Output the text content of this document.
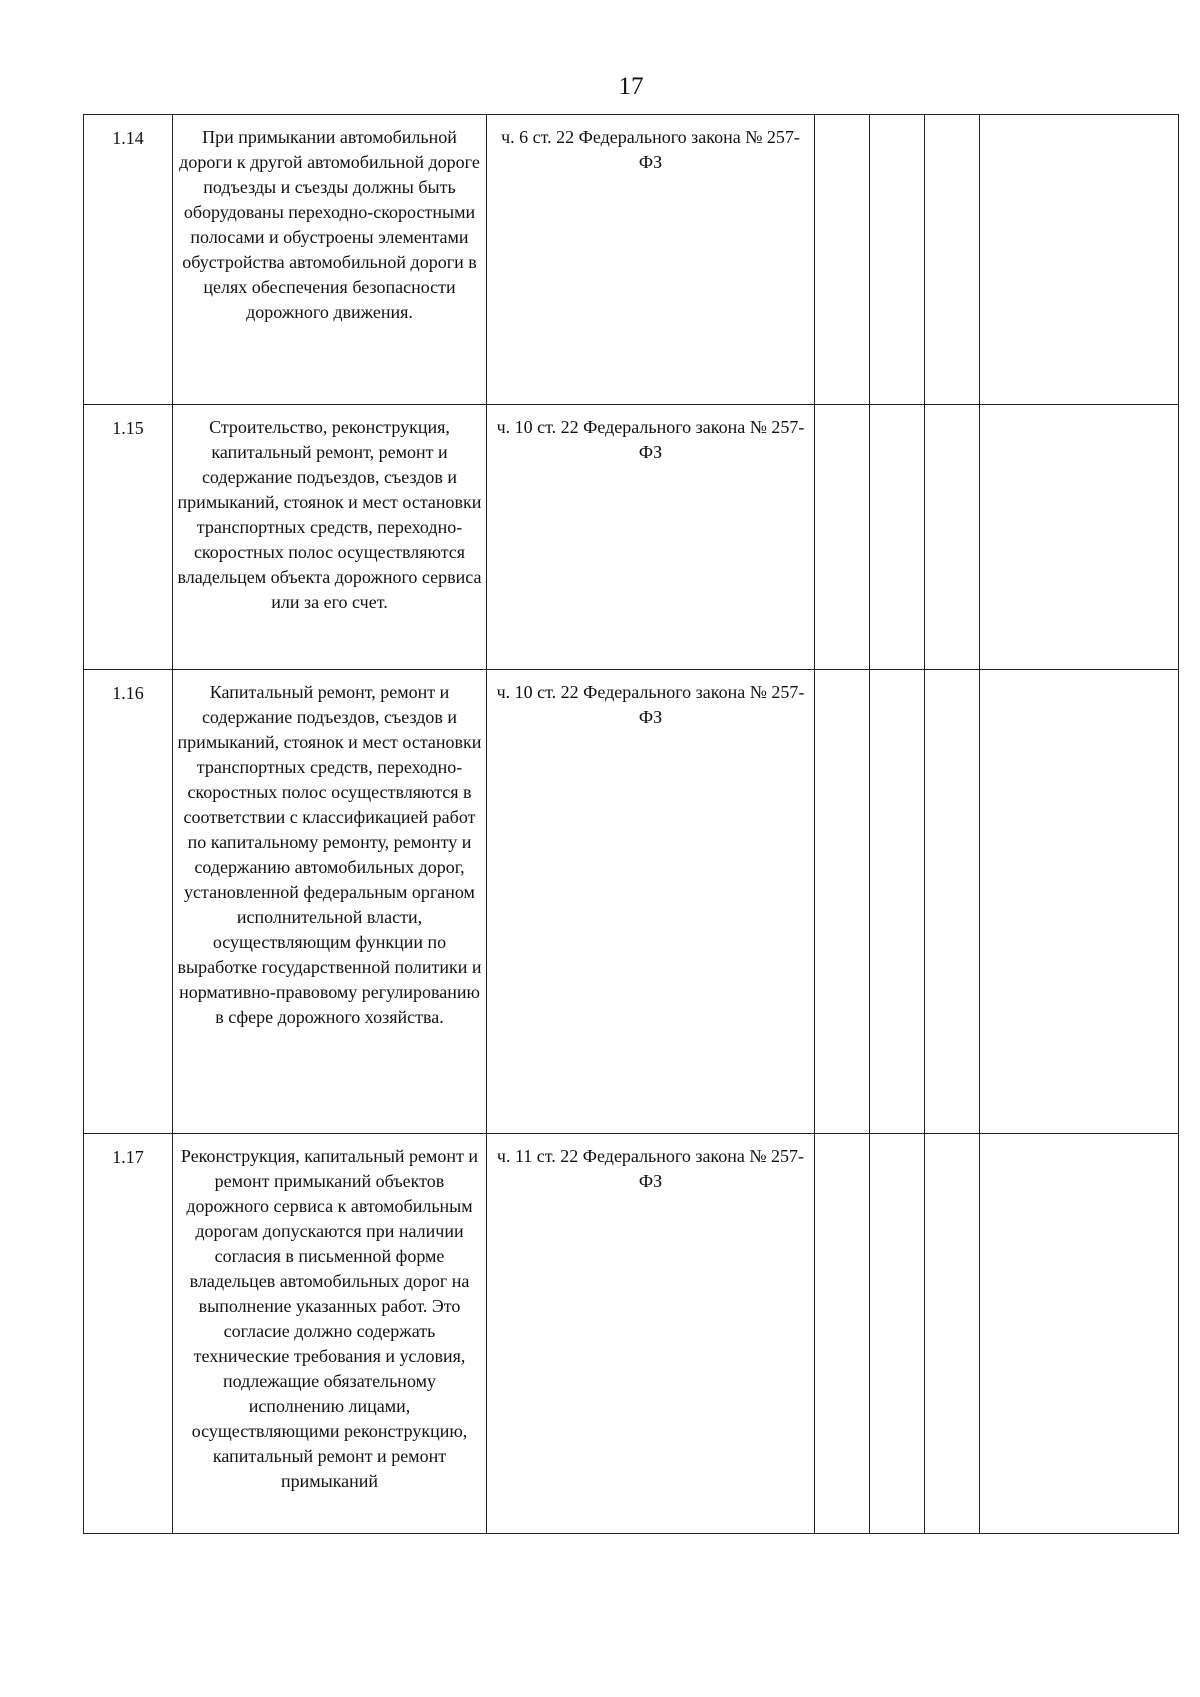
17
1.14	При примыкании автомобильной дороги к другой автомобильной дороге подъезды и съезды должны быть оборудованы переходно-скоростными полосами и обустроены элементами обустройства автомобильной дороги в целях обеспечения безопасности дорожного движения.	ч. 6 ст. 22 Федерального закона № 257-ФЗ				
1.15	Строительство, реконструкция, капитальный ремонт, ремонт и содержание подъездов, съездов и примыканий, стоянок и мест остановки транспортных средств, переходно-скоростных полос осуществляются владельцем объекта дорожного сервиса или за его счет.	ч. 10 ст. 22 Федерального закона № 257-ФЗ				
1.16	Капитальный ремонт, ремонт и содержание подъездов, съездов и примыканий, стоянок и мест остановки транспортных средств, переходно-скоростных полос осуществляются в соответствии с классификацией работ по капитальному ремонту, ремонту и содержанию автомобильных дорог, установленной федеральным органом исполнительной власти, осуществляющим функции по выработке государственной политики и нормативно-правовому регулированию в сфере дорожного хозяйства.	ч. 10 ст. 22 Федерального закона № 257-ФЗ				
1.17	Реконструкция, капитальный ремонт и ремонт примыканий объектов дорожного сервиса к автомобильным дорогам допускаются при наличии согласия в письменной форме владельцев автомобильных дорог на выполнение указанных работ. Это согласие должно содержать технические требования и условия, подлежащие обязательному исполнению лицами, осуществляющими реконструкцию, капитальный ремонт и ремонт примыканий	ч. 11 ст. 22 Федерального закона № 257-ФЗ				
